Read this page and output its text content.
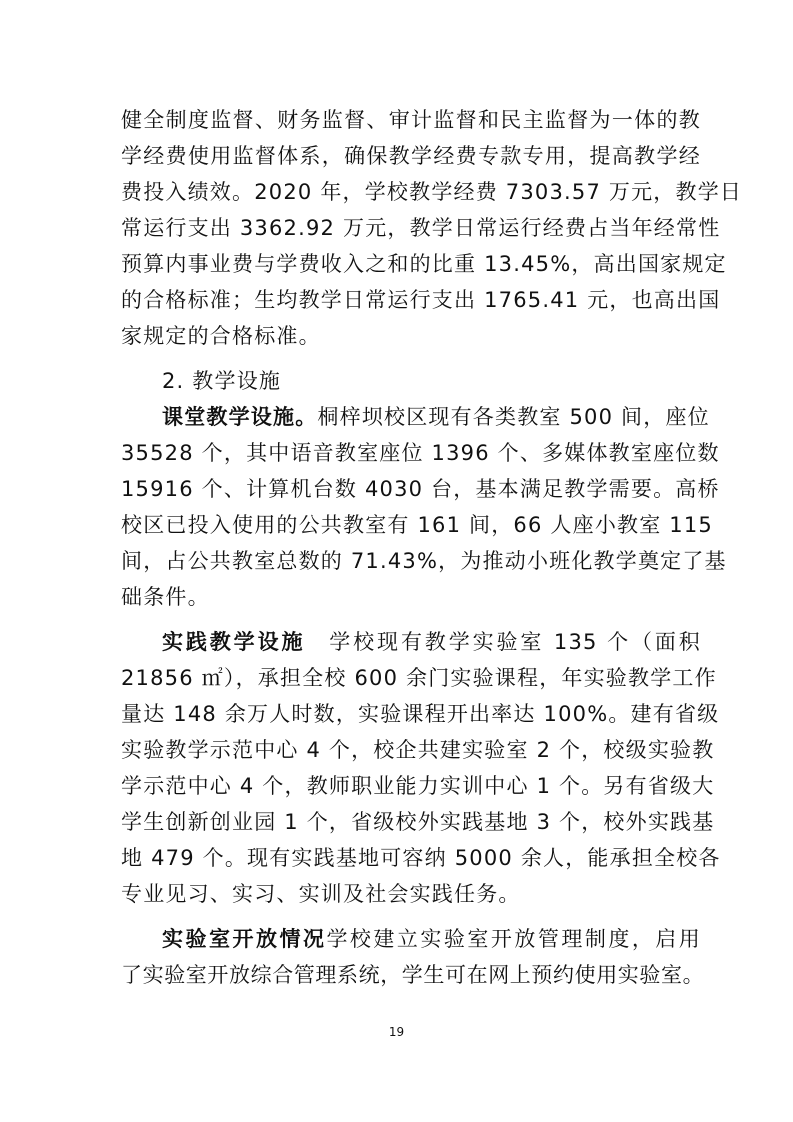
健全制度监督、财务监督、审计监督和民主监督为一体的教
学经费使用监督体系，确保教学经费专款专用，提高教学经
费投入绩效。2020 年，学校教学经费 7303.57 万元，教学日
常运行支出 3362.92 万元，教学日常运行经费占当年经常性
预算内事业费与学费收入之和的比重 13.45%，高出国家规定
的合格标准；生均教学日常运行支出 1765.41 元，也高出国
家规定的合格标准。
2. 教学设施
课堂教学设施。桐梓坝校区现有各类教室 500 间，座位
35528 个，其中语音教室座位 1396 个、多媒体教室座位数
15916 个、计算机台数 4030 台，基本满足教学需要。高桥
校区已投入使用的公共教室有 161 间，66 人座小教室 115
间，占公共教室总数的 71.43%，为推动小班化教学奠定了基
础条件。
实践教学设施　学校现有教学实验室 135 个（面积
21856 ㎡），承担全校 600 余门实验课程，年实验教学工作
量达 148 余万人时数，实验课程开出率达 100%。建有省级
实验教学示范中心 4 个，校企共建实验室 2 个，校级实验教
学示范中心 4 个，教师职业能力实训中心 1 个。另有省级大
学生创新创业园 1 个，省级校外实践基地 3 个，校外实践基
地 479 个。现有实践基地可容纳 5000 余人，能承担全校各
专业见习、实习、实训及社会实践任务。
实验室开放情况学校建立实验室开放管理制度，启用
了实验室开放综合管理系统，学生可在网上预约使用实验室。
19
